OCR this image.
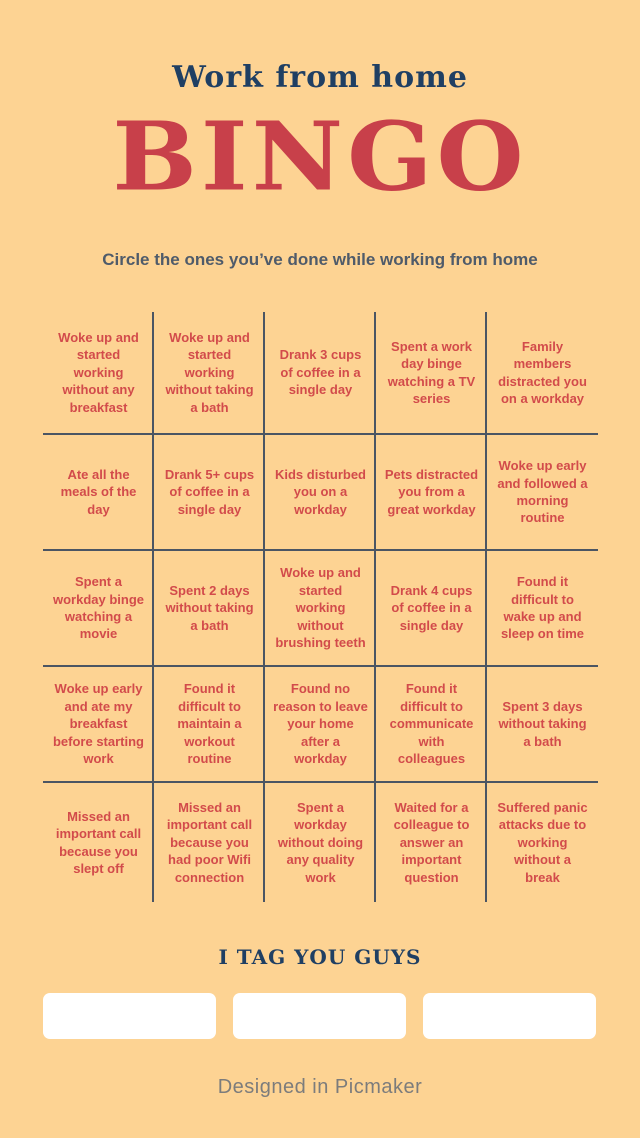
Work from home
BINGO
Circle the ones you’ve done while working from home
Woke up and started working without any breakfast
Woke up and started working without taking a bath
Drank 3 cups of coffee in a single day
Spent a work day binge watching a TV series
Family members distracted you on a workday
Ate all the meals of the day
Drank 5+ cups of coffee in a single day
Kids disturbed you on a workday
Pets distracted you from a great workday
Woke up early and followed a morning routine
Spent a workday binge watching a movie
Spent 2 days without taking a bath
Woke up and started working without brushing teeth
Drank 4 cups of coffee in a single day
Found it difficult to wake up and sleep on time
Woke up early and ate my breakfast before starting work
Found it difficult to maintain a workout routine
Found no reason to leave your home after a workday
Found it difficult to communicate with colleagues
Spent 3 days without taking a bath
Missed an important call because you slept off
Missed an important call because you had poor Wifi connection
Spent a workday without doing any quality work
Waited for a colleague to answer an important question
Suffered panic attacks due to working without a break
I TAG YOU GUYS
Designed in Picmaker
